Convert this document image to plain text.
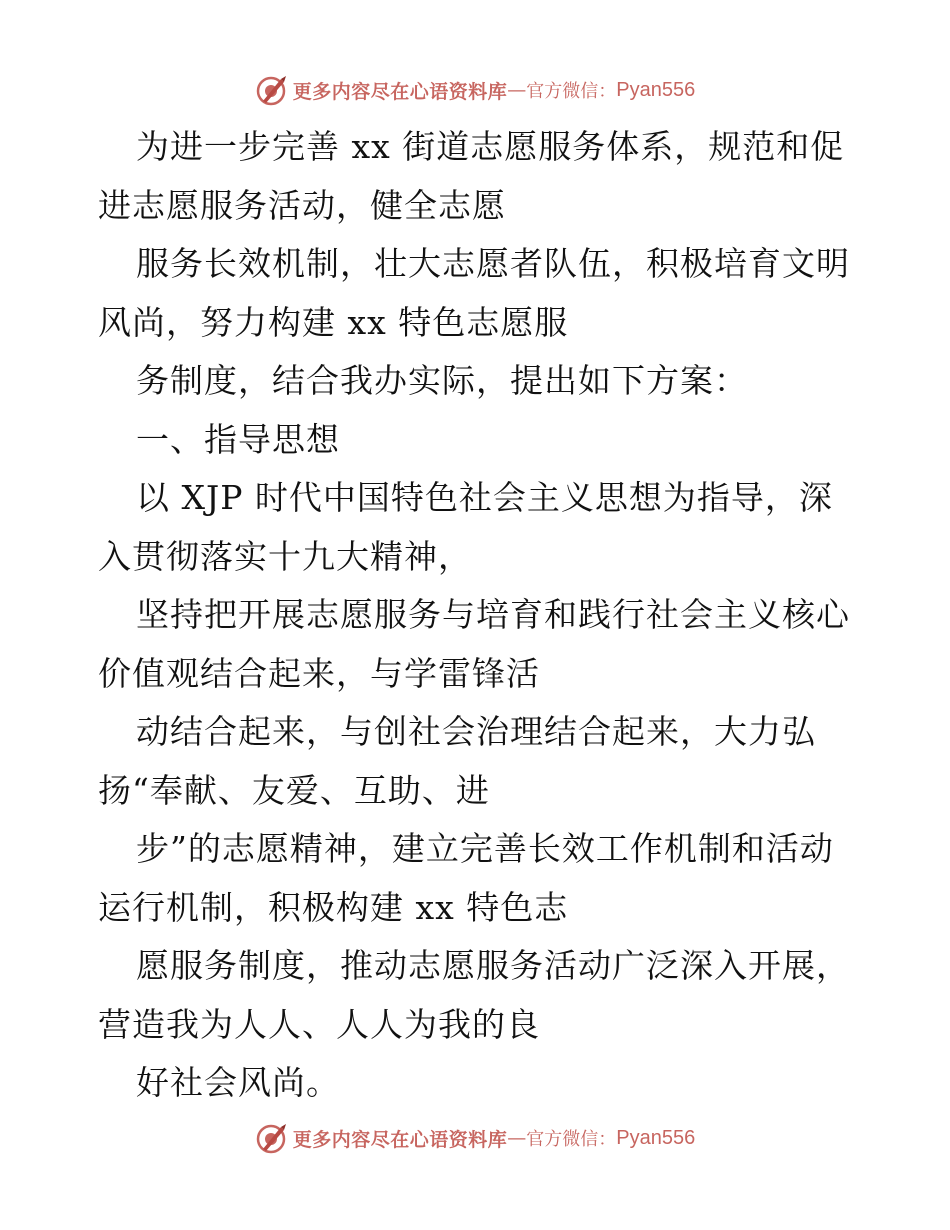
更多内容尽在心语资料库 — 官方微信： Pyan556
为进一步完善 xx 街道志愿服务体系，规范和促
进志愿服务活动，健全志愿
服务长效机制，壮大志愿者队伍，积极培育文明
风尚，努力构建 xx 特色志愿服
务制度，结合我办实际，提出如下方案：
一、指导思想
以 XJP 时代中国特色社会主义思想为指导，深
入贯彻落实十九大精神，
坚持把开展志愿服务与培育和践行社会主义核心
价值观结合起来，与学雷锋活
动结合起来，与创社会治理结合起来，大力弘
扬“奉献、友爱、互助、进
步”的志愿精神，建立完善长效工作机制和活动
运行机制，积极构建 xx 特色志
愿服务制度，推动志愿服务活动广泛深入开展，
营造我为人人、人人为我的良
好社会风尚。
更多内容尽在心语资料库 — 官方微信： Pyan556
